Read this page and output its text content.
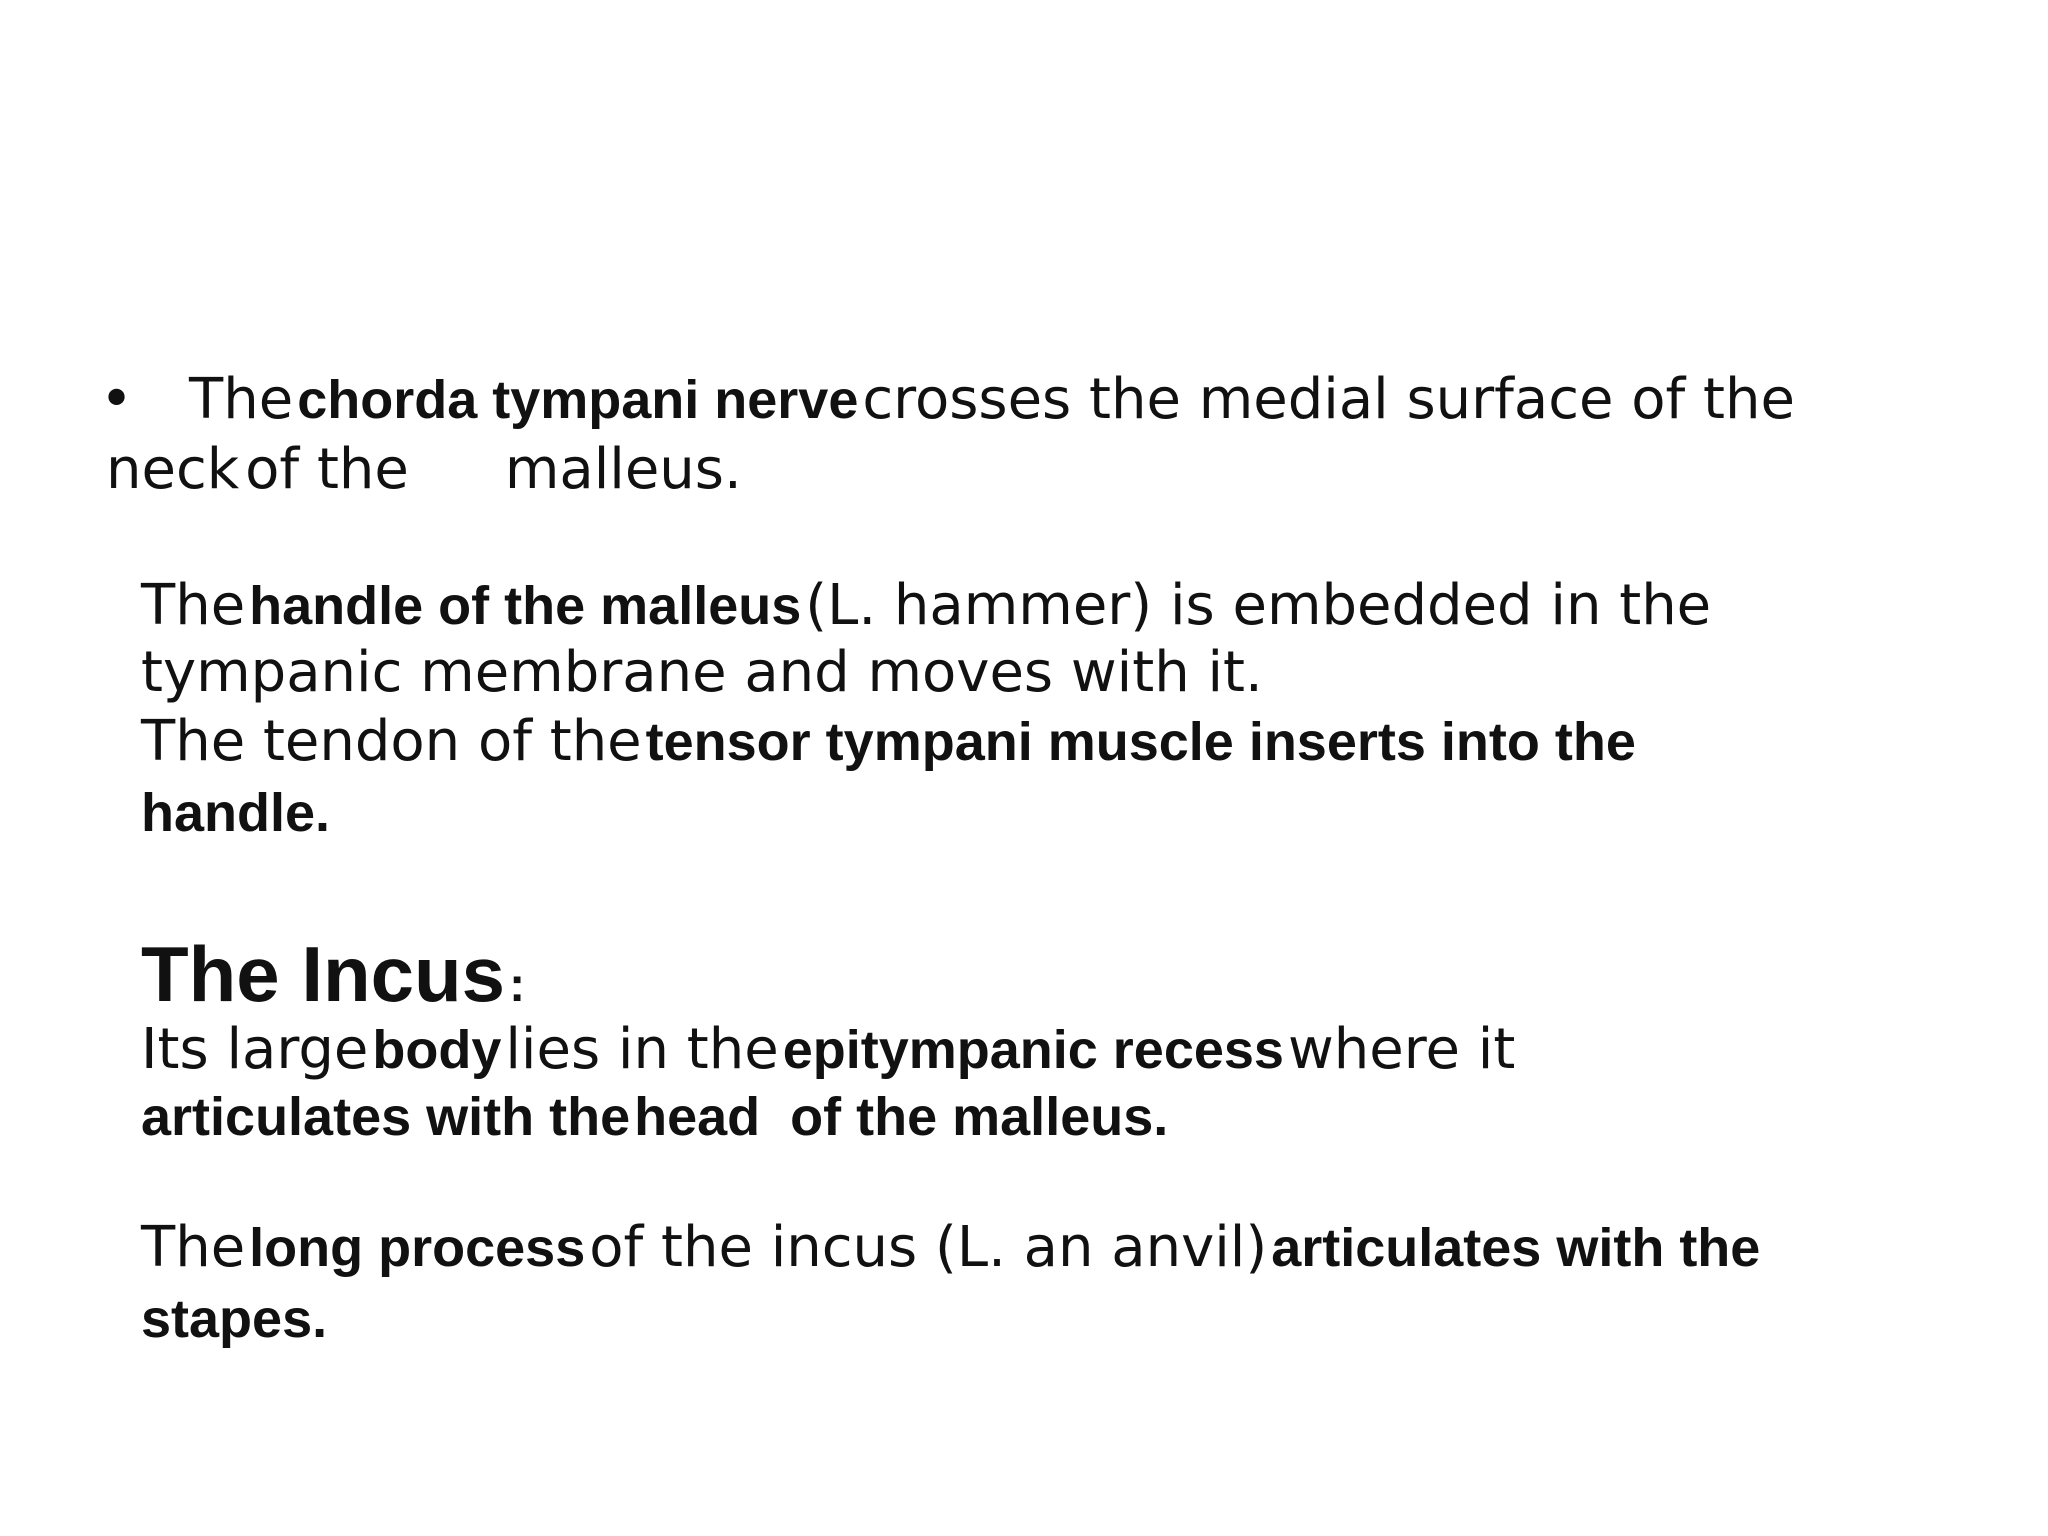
• The chorda tympani nerve crosses the medial surface of the
neck of the malleus.
The handle of the malleus (L. hammer) is embedded in the
tympanic membrane and moves with it.
The tendon of thetensor tympani muscle inserts into the
handle.
The Incus :
Its large body lies in the epitympanic recess where it
articulates with the head  of the malleus.
The long process of the incus (L. an anvil) articulates with the
stapes.
